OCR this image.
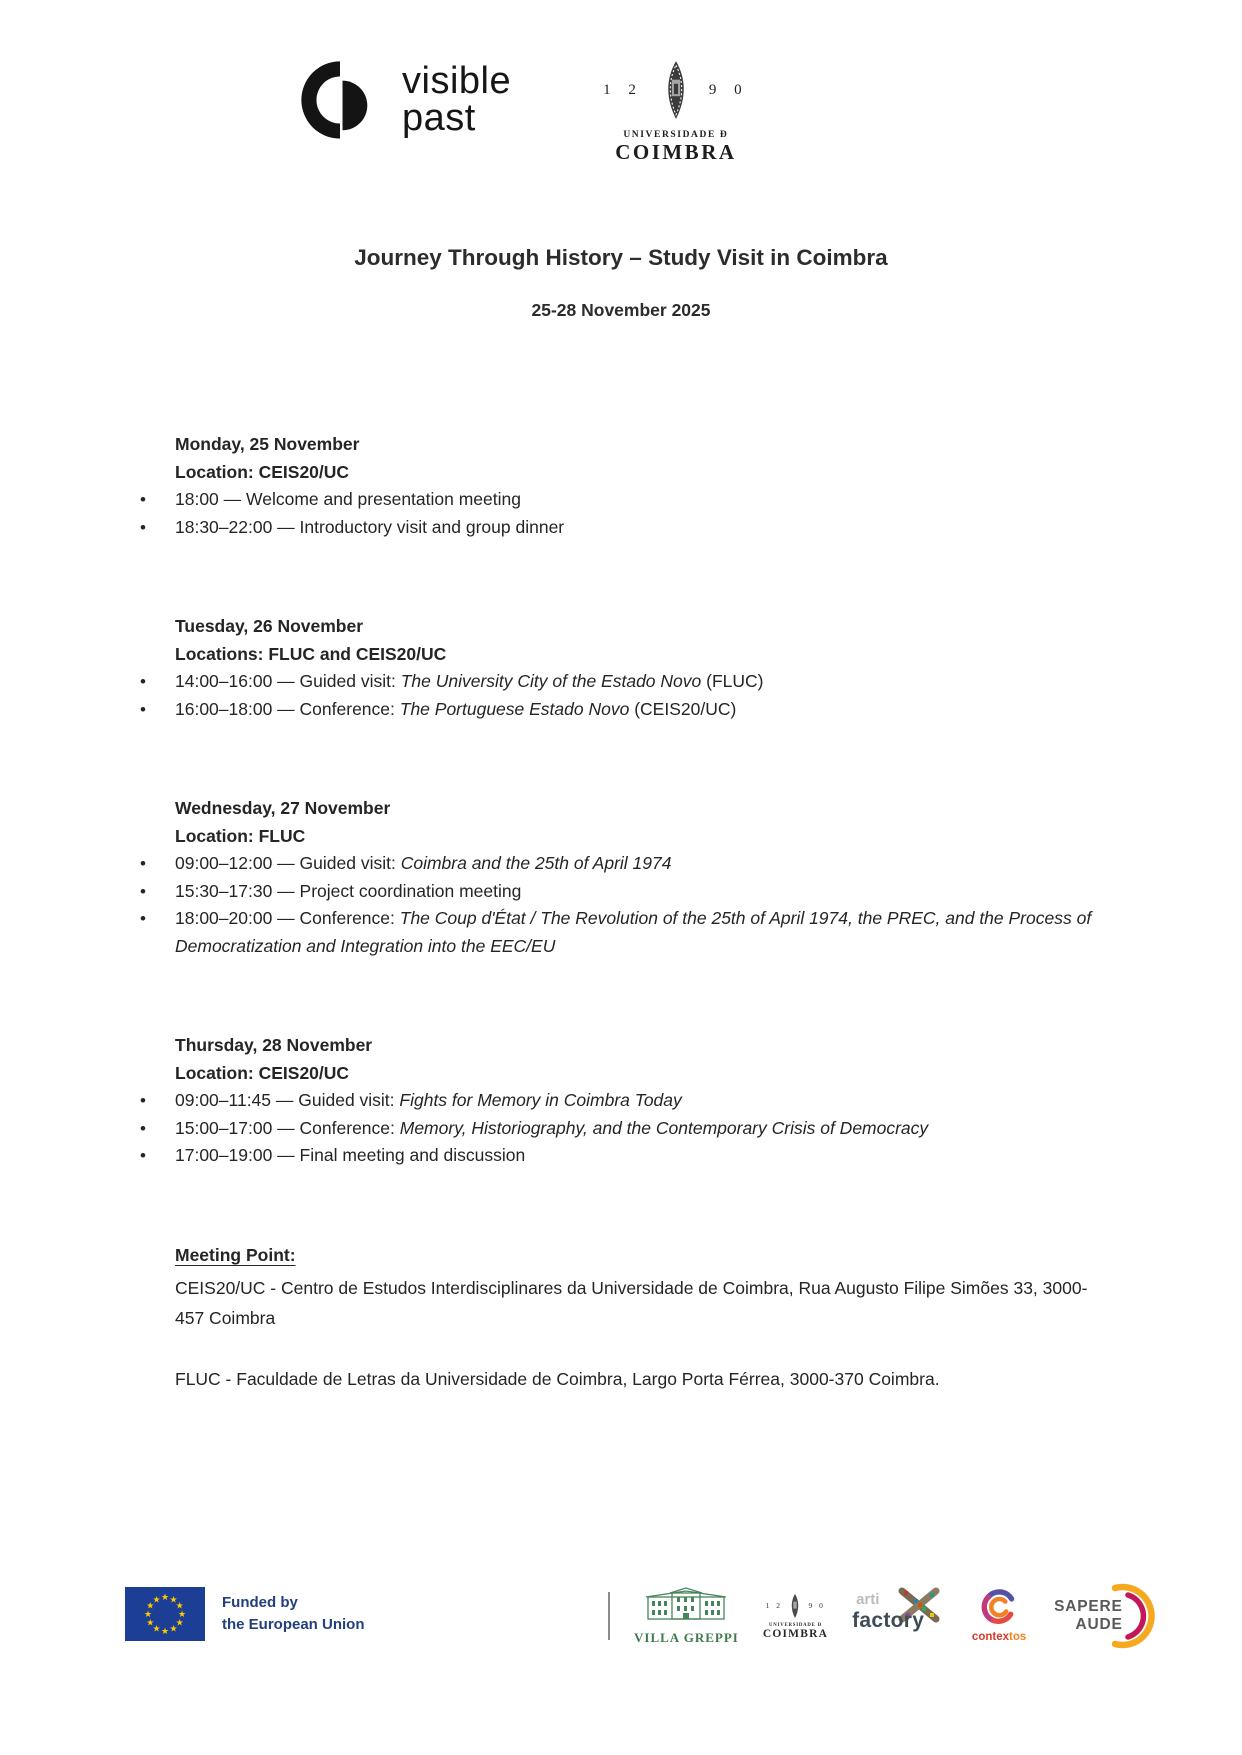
visible
past
1 2	9 0
UNIVERSIDADE Ð
COIMBRA
Journey Through History – Study Visit in Coimbra
25-28 November 2025
Monday, 25 November
Location: CEIS20/UC
• 18:00 — Welcome and presentation meeting
• 18:30–22:00 — Introductory visit and group dinner
Tuesday, 26 November
Locations: FLUC and CEIS20/UC
• 14:00–16:00 — Guided visit: The University City of the Estado Novo (FLUC)
• 16:00–18:00 — Conference: The Portuguese Estado Novo (CEIS20/UC)
Wednesday, 27 November
Location: FLUC
• 09:00–12:00 — Guided visit: Coimbra and the 25th of April 1974
• 15:30–17:30 — Project coordination meeting
• 18:00–20:00 — Conference: The Coup d'État / The Revolution of the 25th of April 1974, the PREC, and the Process of Democratization and Integration into the EEC/EU
Thursday, 28 November
Location: CEIS20/UC
• 09:00–11:45 — Guided visit: Fights for Memory in Coimbra Today
• 15:00–17:00 — Conference: Memory, Historiography, and the Contemporary Crisis of Democracy
• 17:00–19:00 — Final meeting and discussion
Meeting Point:

CEIS20/UC - Centro de Estudos Interdisciplinares da Universidade de Coimbra, Rua Augusto Filipe Simões 33, 3000-457 Coimbra

FLUC - Faculdade de Letras da Universidade de Coimbra, Largo Porta Férrea, 3000-370 Coimbra.

★ ★
★
★
★
★
★
★
★
★
★
★	Funded by
the European Union
VILLA GREPPI
1 2	9 0
UNIVERSIDADE Ð
COIMBRA
arti
factory
contextos
SAPERE
AUDE
